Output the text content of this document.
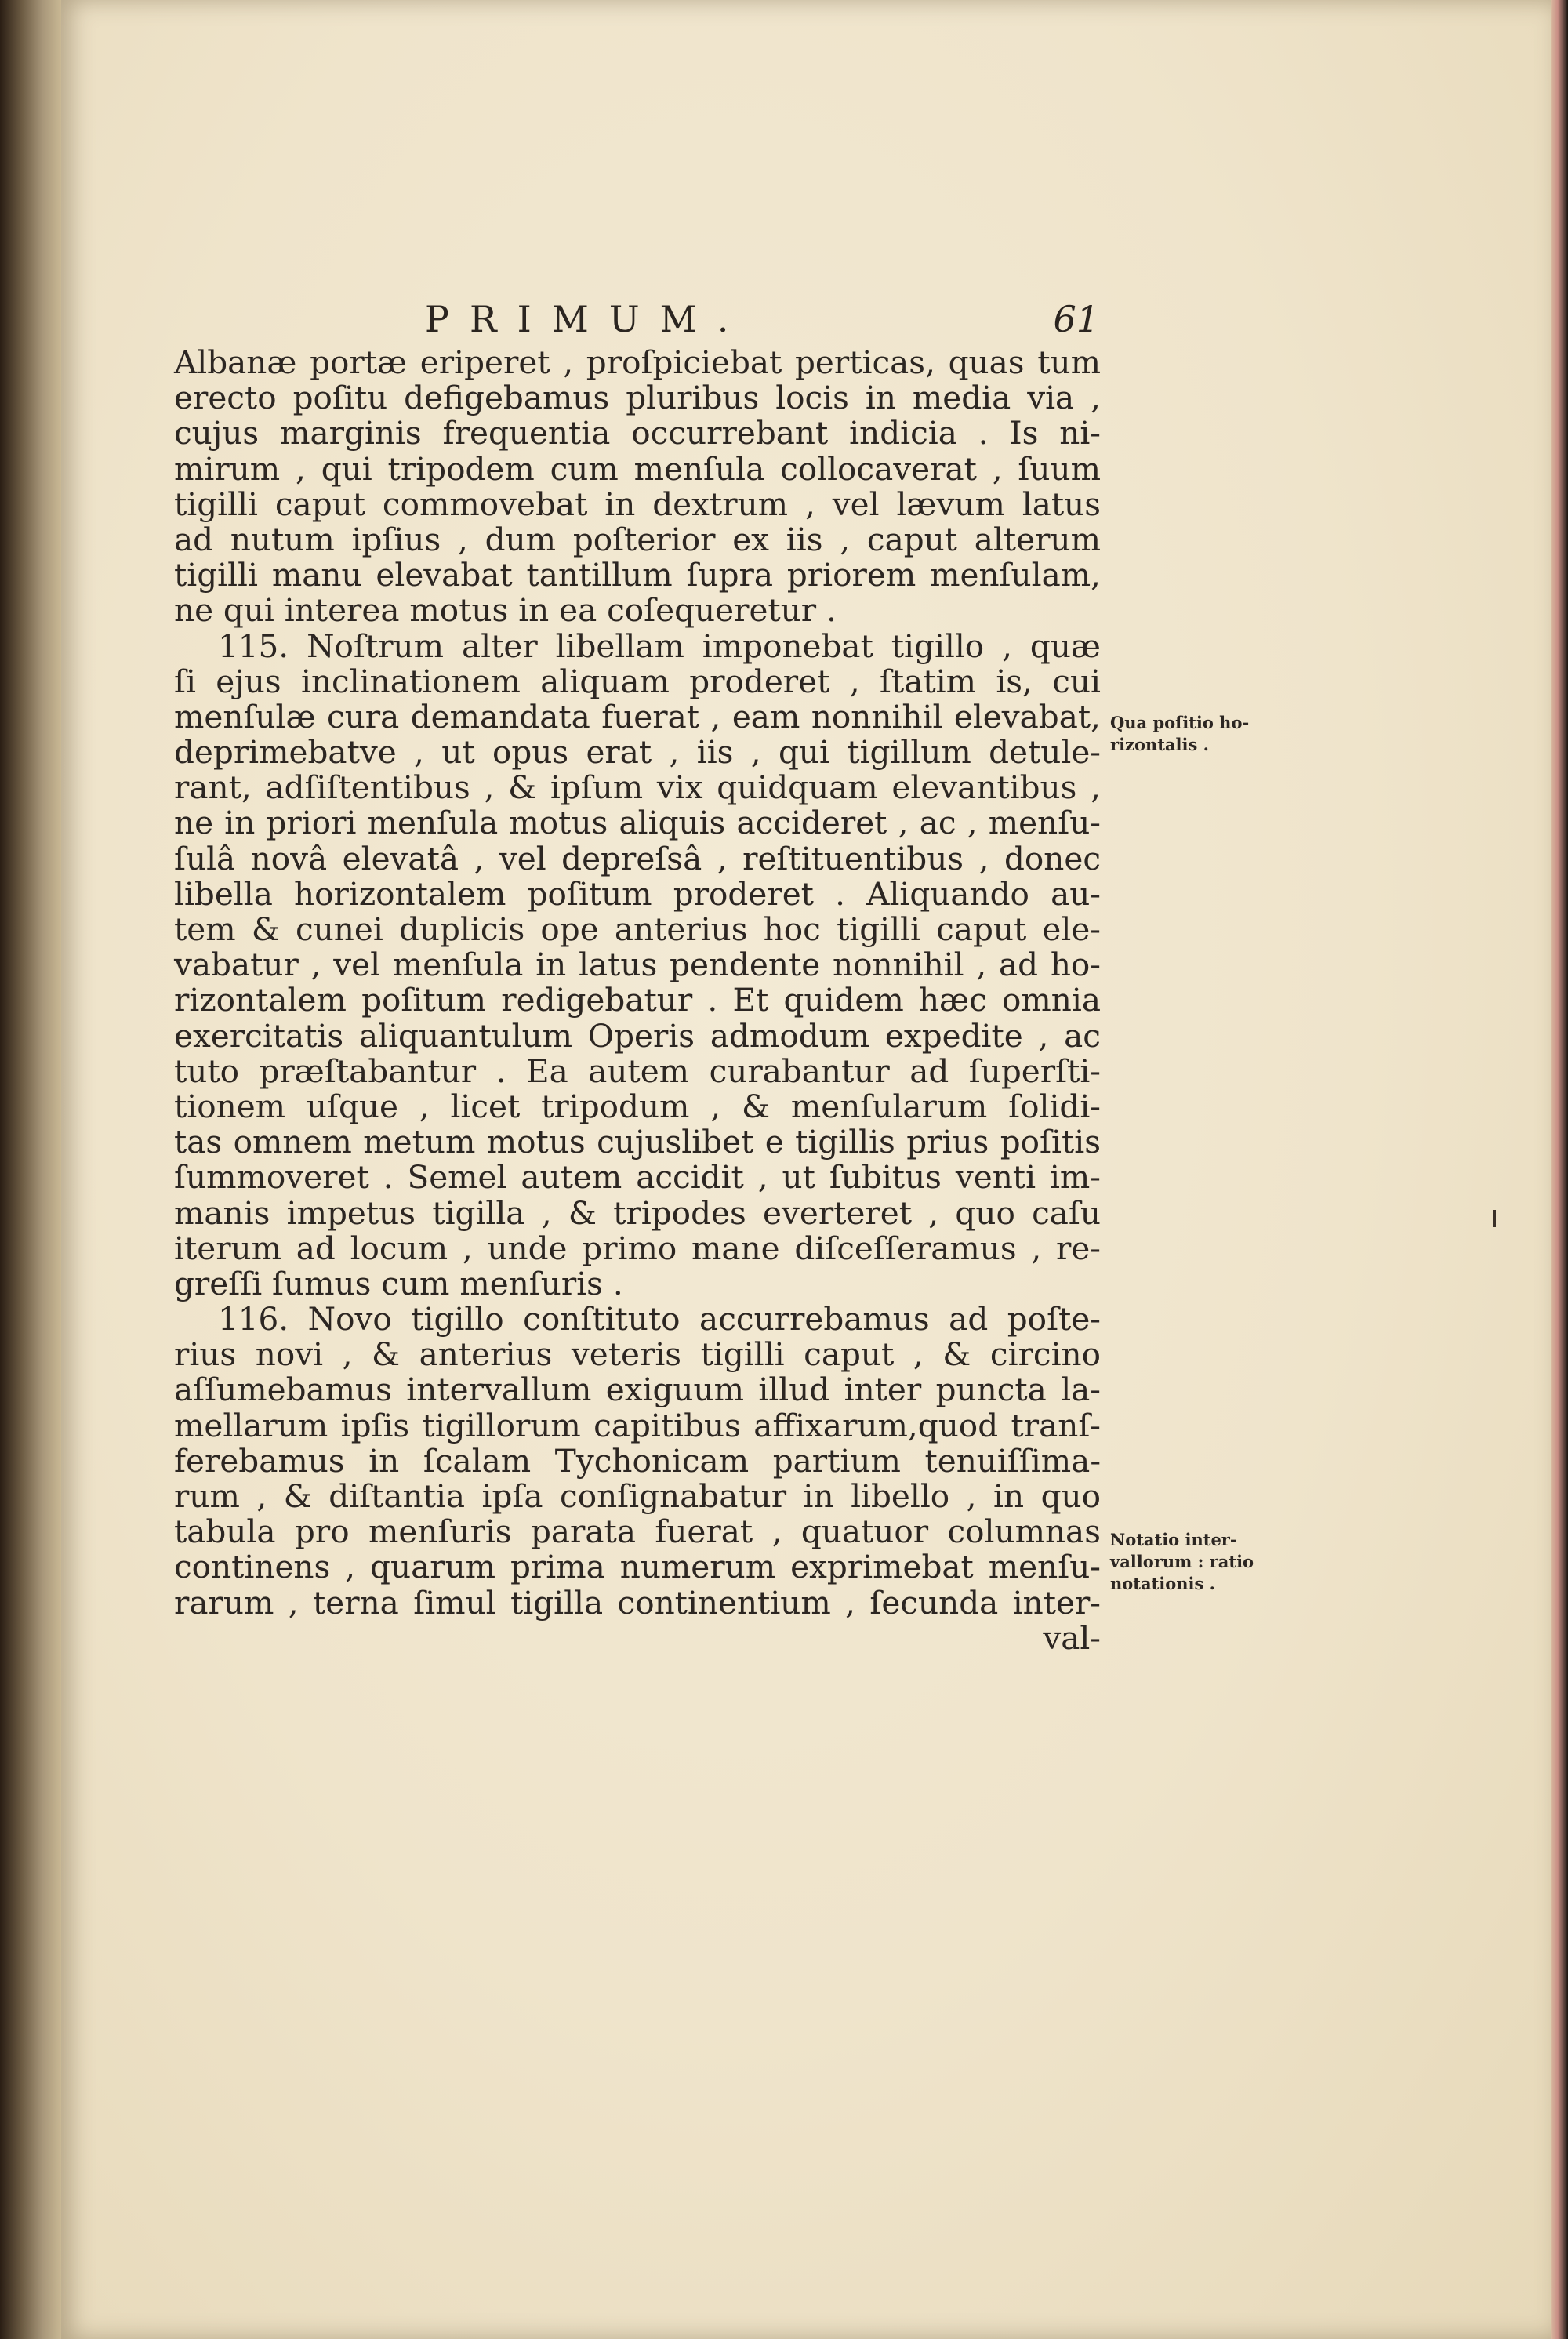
PRIMUM.	61
Albanæ portæ eriperet , proſpiciebat perticas, quas tum
erecto poſitu defigebamus pluribus locis in media via ,
cujus marginis frequentia occurrebant indicia . Is ni-
mirum , qui tripodem cum menſula collocaverat , ſuum
tigilli caput commovebat in dextrum , vel lævum latus
ad nutum ipſius , dum poſterior ex iis , caput alterum
tigilli manu elevabat tantillum ſupra priorem menſulam,
ne qui interea motus in ea coſequeretur .
115. Noſtrum alter libellam imponebat tigillo , quæ
ſi ejus inclinationem aliquam proderet , ſtatim is, cui
menſulæ cura demandata fuerat , eam nonnihil elevabat,
deprimebatve , ut opus erat , iis , qui tigillum detule-
rant, adſiſtentibus , & ipſum vix quidquam elevantibus ,
ne in priori menſula motus aliquis accideret , ac , menſu-
ſulâ novâ elevatâ , vel depreſsâ , reſtituentibus , donec
libella horizontalem poſitum proderet . Aliquando au-
tem & cunei duplicis ope anterius hoc tigilli caput ele-
vabatur , vel menſula in latus pendente nonnihil , ad ho-
rizontalem poſitum redigebatur . Et quidem hæc omnia
exercitatis aliquantulum Operis admodum expedite , ac
tuto præſtabantur . Ea autem curabantur ad ſuperſti-
tionem uſque , licet tripodum , & menſularum ſolidi-
tas omnem metum motus cujuslibet e tigillis prius poſitis
ſummoveret . Semel autem accidit , ut ſubitus venti im-
manis impetus tigilla , & tripodes everteret , quo caſu
iterum ad locum , unde primo mane diſceſſeramus , re-
greſſi ſumus cum menſuris .
116. Novo tigillo conſtituto accurrebamus ad poſte-
rius novi , & anterius veteris tigilli caput , & circino
aſſumebamus intervallum exiguum illud inter puncta la-
mellarum ipſis tigillorum capitibus affixarum,quod tranſ-
ferebamus in ſcalam Tychonicam partium tenuiſſima-
rum , & diſtantia ipſa conſignabatur in libello , in quo
tabula pro menſuris parata fuerat , quatuor columnas
continens , quarum prima numerum exprimebat menſu-
rarum , terna ſimul tigilla continentium , ſecunda inter-
val-
Qua poſitio ho-
rizontalis .
Notatio inter-
vallorum : ratio
notationis .
